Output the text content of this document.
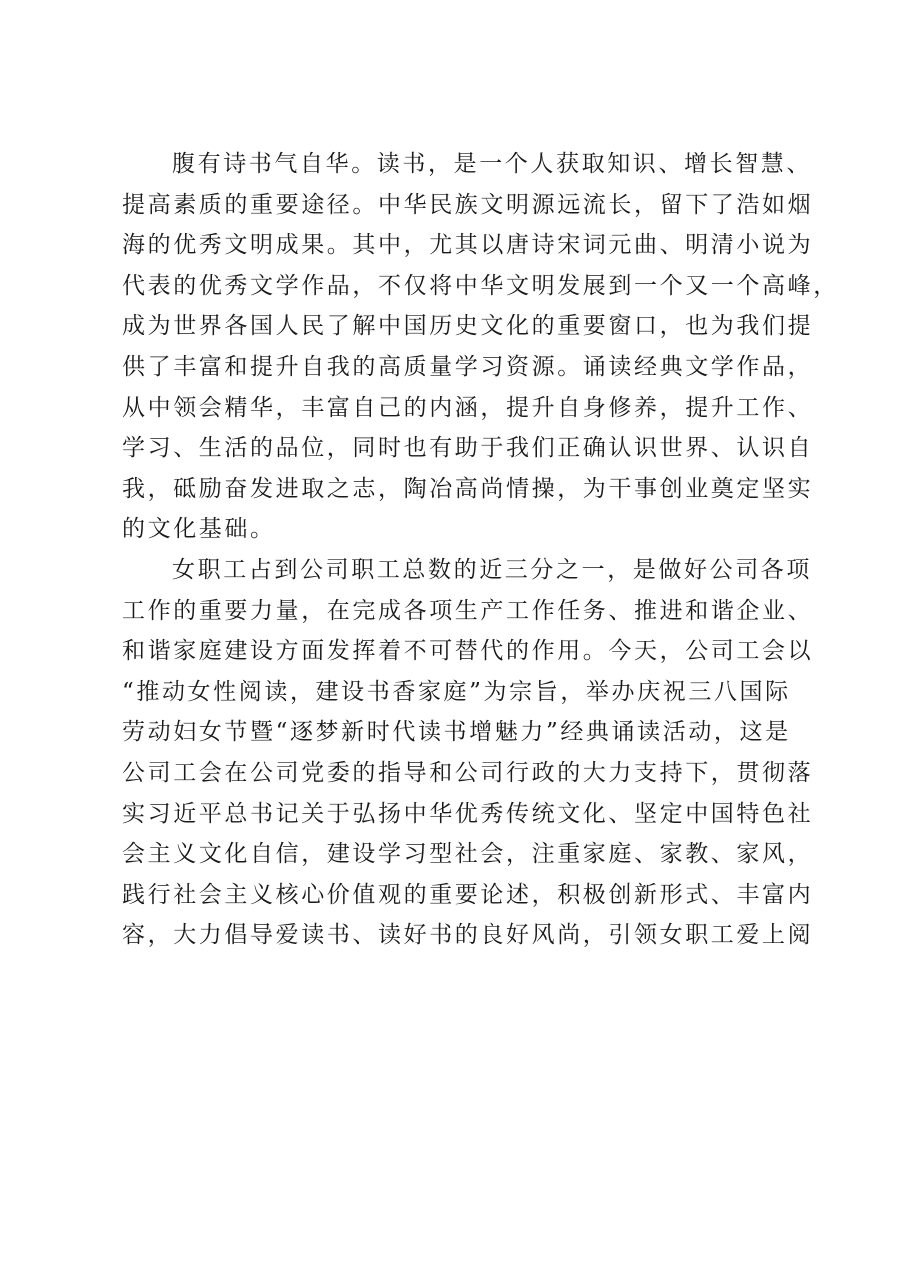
腹有诗书气自华。读书，是一个人获取知识、增长智慧、
提高素质的重要途径。中华民族文明源远流长，留下了浩如烟
海的优秀文明成果。其中，尤其以唐诗宋词元曲、明清小说为
代表的优秀文学作品，不仅将中华文明发展到一个又一个高峰，
成为世界各国人民了解中国历史文化的重要窗口，也为我们提
供了丰富和提升自我的高质量学习资源。诵读经典文学作品，
从中领会精华，丰富自己的内涵，提升自身修养，提升工作、
学习、生活的品位，同时也有助于我们正确认识世界、认识自
我，砥励奋发进取之志，陶冶高尚情操，为干事创业奠定坚实
的文化基础。
女职工占到公司职工总数的近三分之一，是做好公司各项
工作的重要力量，在完成各项生产工作任务、推进和谐企业、
和谐家庭建设方面发挥着不可替代的作用。今天，公司工会以
“推动女性阅读，建设书香家庭”为宗旨，举办庆祝三八国际
劳动妇女节暨“逐梦新时代读书增魅力”经典诵读活动，这是
公司工会在公司党委的指导和公司行政的大力支持下，贯彻落
实习近平总书记关于弘扬中华优秀传统文化、坚定中国特色社
会主义文化自信，建设学习型社会，注重家庭、家教、家风，
践行社会主义核心价值观的重要论述，积极创新形式、丰富内
容，大力倡导爱读书、读好书的良好风尚，引领女职工爱上阅
